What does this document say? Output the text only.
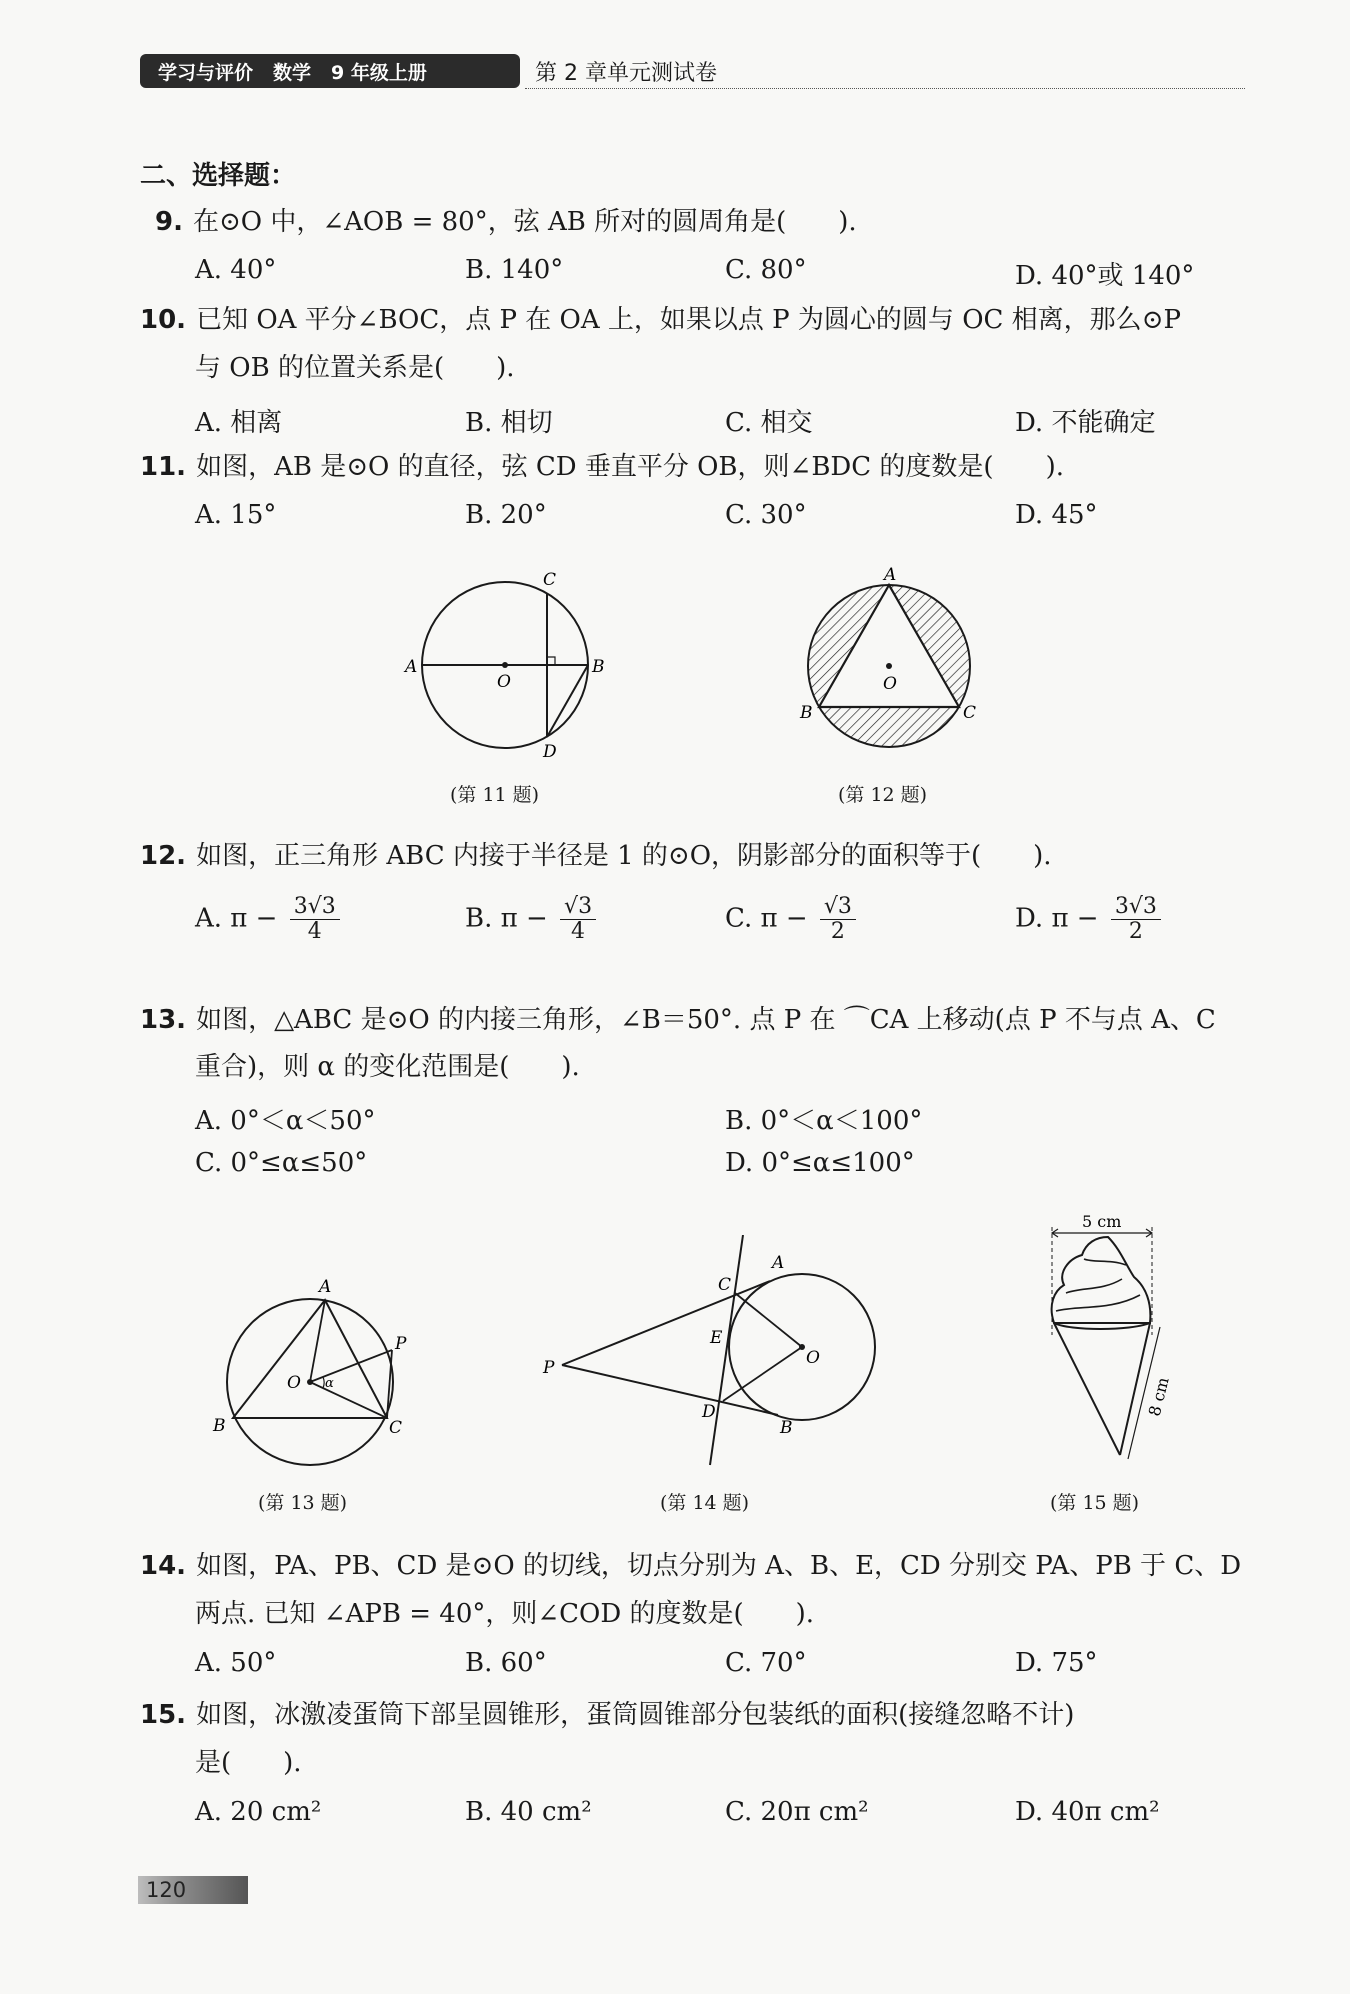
学习与评价 数学 9 年级上册	第 2 章单元测试卷
二、选择题：
9. 在⊙O 中，∠AOB = 80°，弦 AB 所对的圆周角是(　　).
A. 40°	B. 140°	C. 80°	D. 40°或 140°
10. 已知 OA 平分∠BOC，点 P 在 OA 上，如果以点 P 为圆心的圆与 OC 相离，那么⊙P
与 OB 的位置关系是(　　).
A. 相离	B. 相切	C. 相交	D. 不能确定
11. 如图，AB 是⊙O 的直径，弦 CD 垂直平分 OB，则∠BDC 的度数是(　　).
A. 15°	B. 20°	C. 30°	D. 45°
A	B
C
D
O
(第 11 题)
A
B	C
O
(第 12 题)
12. 如图，正三角形 ABC 内接于半径是 1 的⊙O，阴影部分的面积等于(　　).
A. $\pi - \frac{3√3}{4}$	B. $\pi - \frac{√3}{4}$	C. $\pi - \frac{√3}{2}$	D. $\pi - \frac{3√3}{2}$
13. 如图，△ABC 是⊙O 的内接三角形，∠B＝50°. 点 P 在 ⌒CA 上移动(点 P 不与点 A、C
重合)，则 α 的变化范围是(　　).
A. 0°＜α＜50°	B. 0°＜α＜100°
C. 0°≤α≤50°	D. 0°≤α≤100°
A
B	C
P
O α
(第 13 题)
A
B
C
D
E
O
P
(第 14 题)
5 cm
8 cm
(第 15 题)
14. 如图，PA、PB、CD 是⊙O 的切线，切点分别为 A、B、E，CD 分别交 PA、PB 于 C、D
两点. 已知 ∠APB = 40°，则∠COD 的度数是(　　).
A. 50°	B. 60°	C. 70°	D. 75°
15. 如图，冰激凌蛋筒下部呈圆锥形，蛋筒圆锥部分包装纸的面积(接缝忽略不计)
是(　　).
A. 20 cm²	B. 40 cm²	C. 20π cm²	D. 40π cm²
120
